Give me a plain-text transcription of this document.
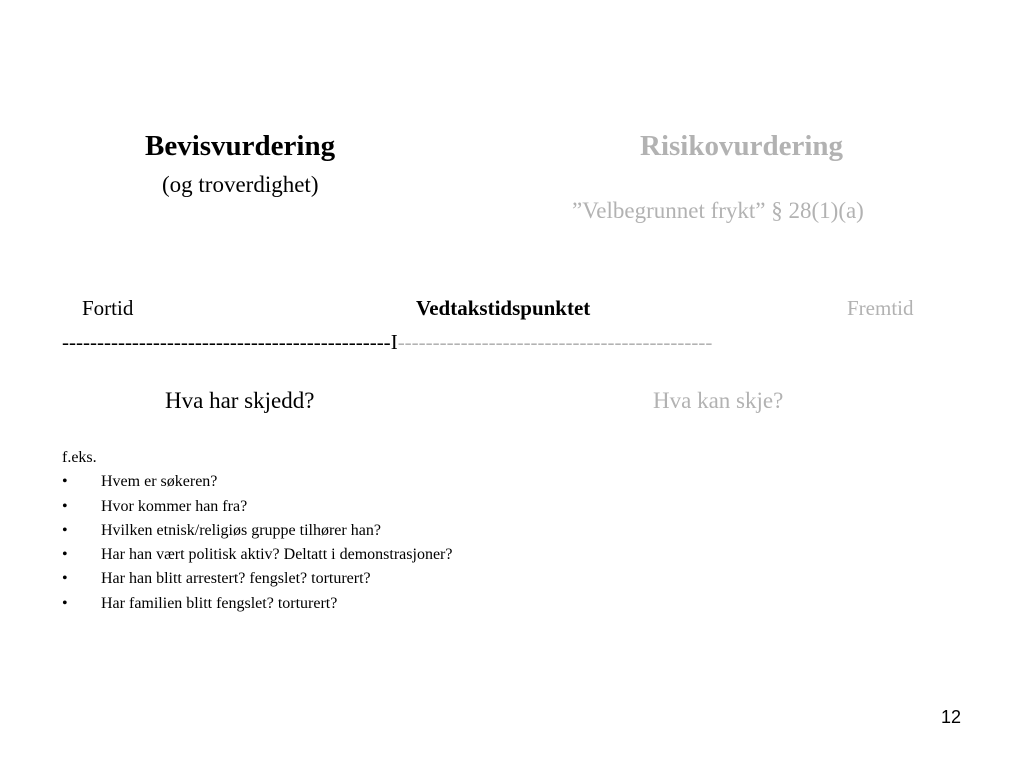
Bevisvurdering
(og troverdighet)
Risikovurdering
”Velbegrunnet frykt” § 28(1)(a)
Fortid	Vedtakstidspunktet	Fremtid
-----------------------------------------------I---------------------------------------------
Hva har skjedd?	Hva kan skje?
f.eks.
•	Hvem er søkeren?
•	Hvor kommer han fra?
•	Hvilken etnisk/religiøs gruppe tilhører han?
•	Har han vært politisk aktiv? Deltatt i demonstrasjoner?
•	Har han blitt arrestert? fengslet? torturert?
•	Har familien blitt fengslet? torturert?
12
